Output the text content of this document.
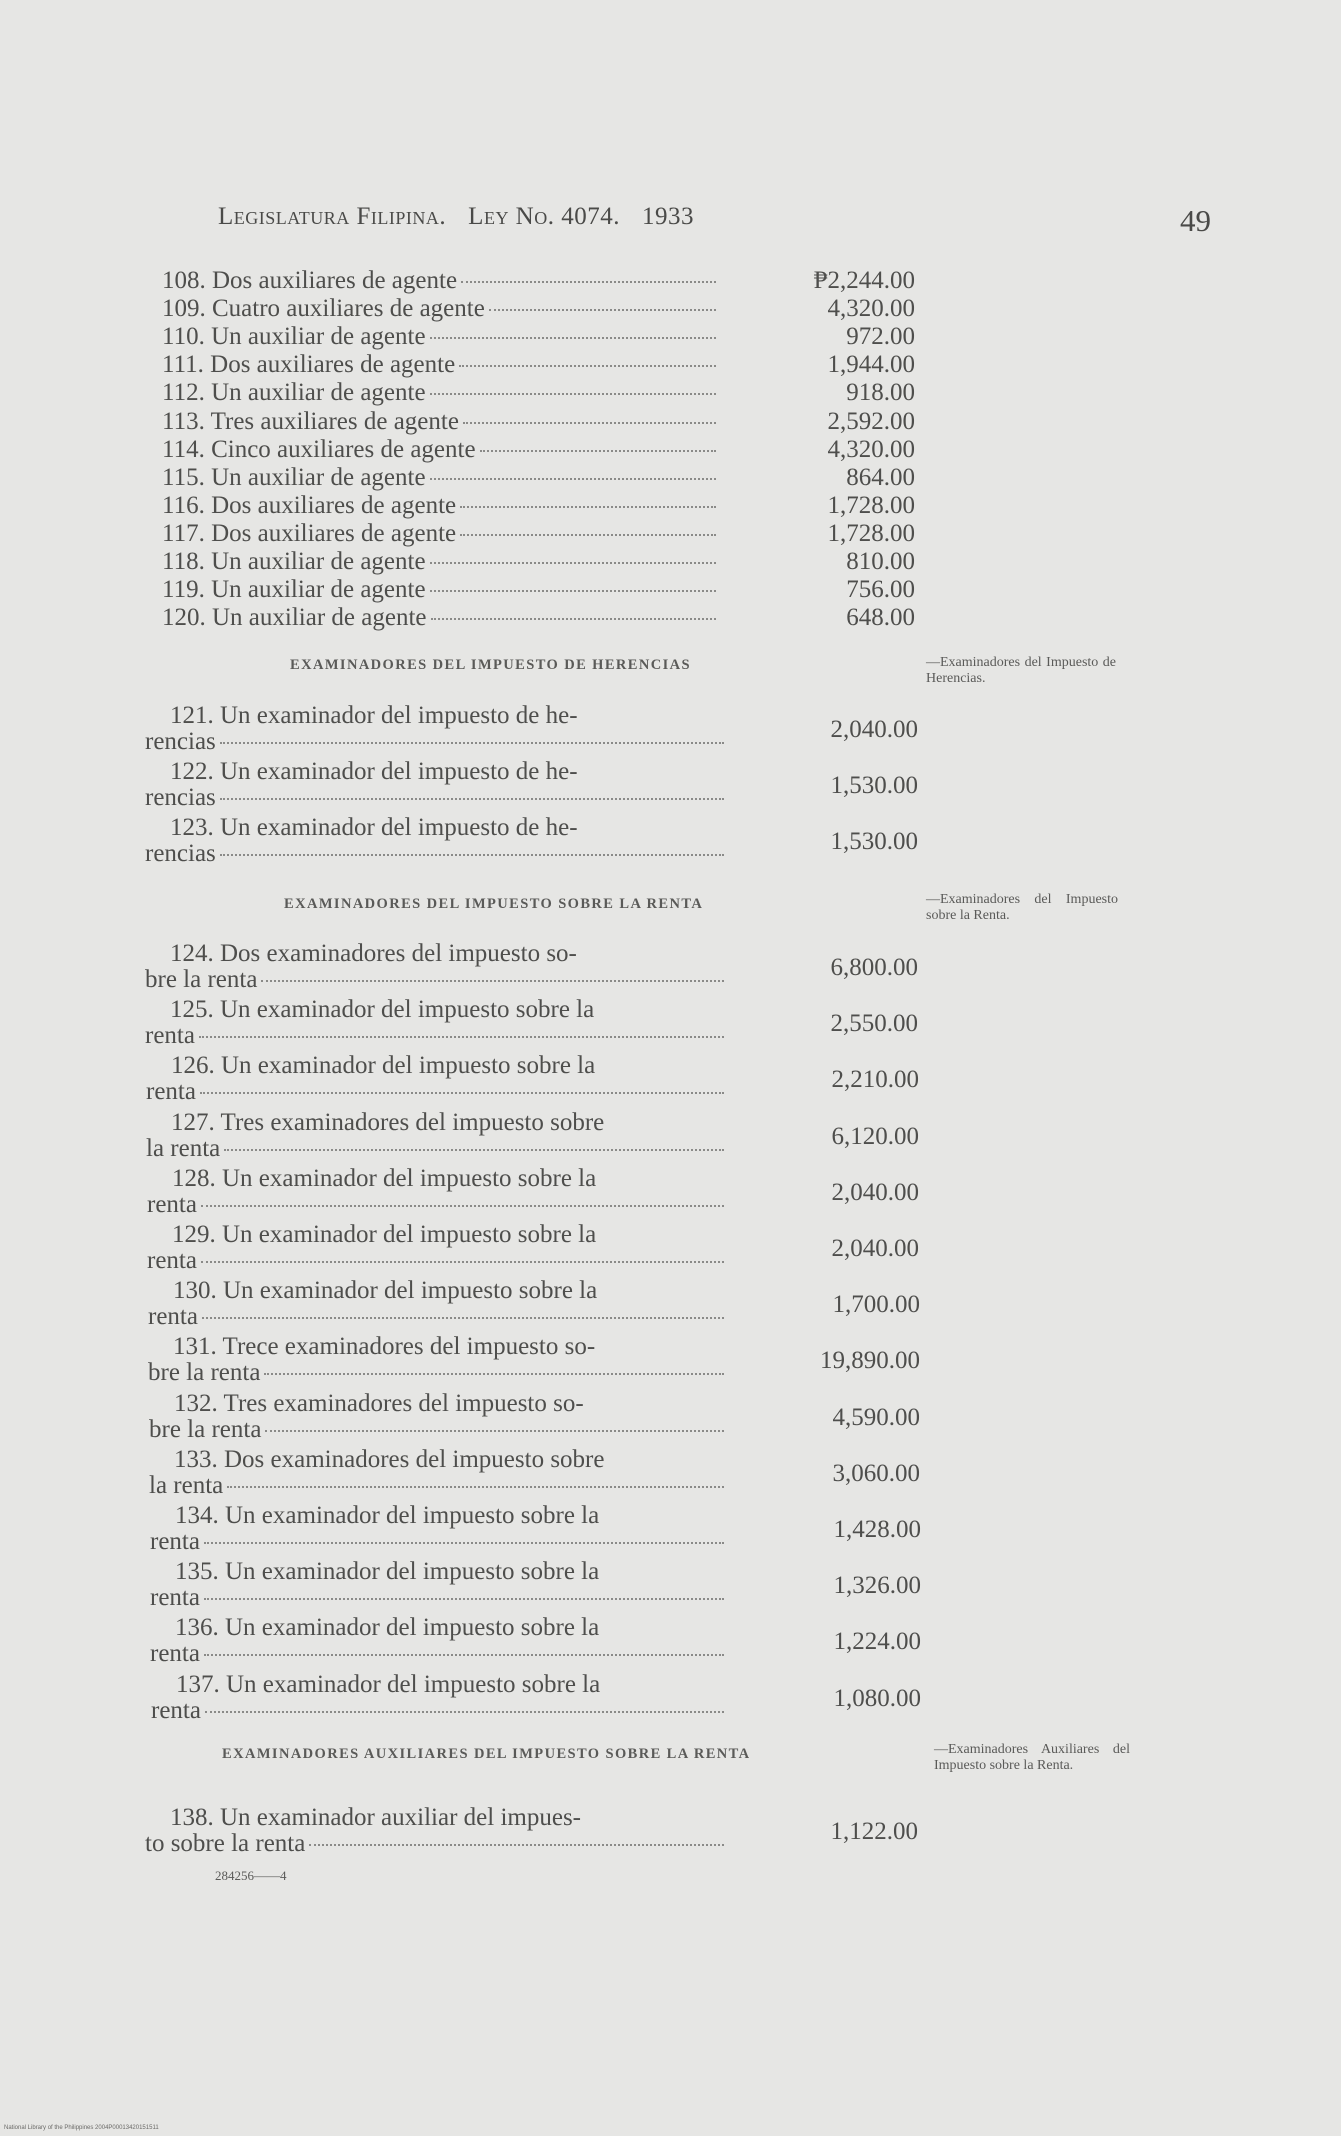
Legislatura Filipina. Ley No. 4074. 1933	49
108. Dos auxiliares de agente	₱2,244.00
109. Cuatro auxiliares de agente	4,320.00
110. Un auxiliar de agente	972.00
111. Dos auxiliares de agente	1,944.00
112. Un auxiliar de agente	918.00
113. Tres auxiliares de agente	2,592.00
114. Cinco auxiliares de agente	4,320.00
115. Un auxiliar de agente	864.00
116. Dos auxiliares de agente	1,728.00
117. Dos auxiliares de agente	1,728.00
118. Un auxiliar de agente	810.00
119. Un auxiliar de agente	756.00
120. Un auxiliar de agente	648.00
EXAMINADORES DEL IMPUESTO DE HERENCIAS	—Examinadores del Impuesto de Herencias.
121. Un examinador del impuesto de he-
rencias	2,040.00
122. Un examinador del impuesto de he-
rencias	1,530.00
123. Un examinador del impuesto de he-
rencias	1,530.00
EXAMINADORES DEL IMPUESTO SOBRE LA RENTA	—Examinadores del Impuesto sobre la Renta.
124. Dos examinadores del impuesto so-
bre la renta	6,800.00
125. Un examinador del impuesto sobre la
renta	2,550.00
126. Un examinador del impuesto sobre la
renta	2,210.00
127. Tres examinadores del impuesto sobre
la renta	6,120.00
128. Un examinador del impuesto sobre la
renta	2,040.00
129. Un examinador del impuesto sobre la
renta	2,040.00
130. Un examinador del impuesto sobre la
renta	1,700.00
131. Trece examinadores del impuesto so-
bre la renta	19,890.00
132. Tres examinadores del impuesto so-
bre la renta	4,590.00
133. Dos examinadores del impuesto sobre
la renta	3,060.00
134. Un examinador del impuesto sobre la
renta	1,428.00
135. Un examinador del impuesto sobre la
renta	1,326.00
136. Un examinador del impuesto sobre la
renta	1,224.00
137. Un examinador del impuesto sobre la
renta	1,080.00
EXAMINADORES AUXILIARES DEL IMPUESTO SOBRE LA RENTA	—Examinadores Auxiliares del Impuesto sobre la Renta.
138. Un examinador auxiliar del impues-
to sobre la renta	1,122.00
284256——4
National Library of the Philippines 2004P00013420151511
